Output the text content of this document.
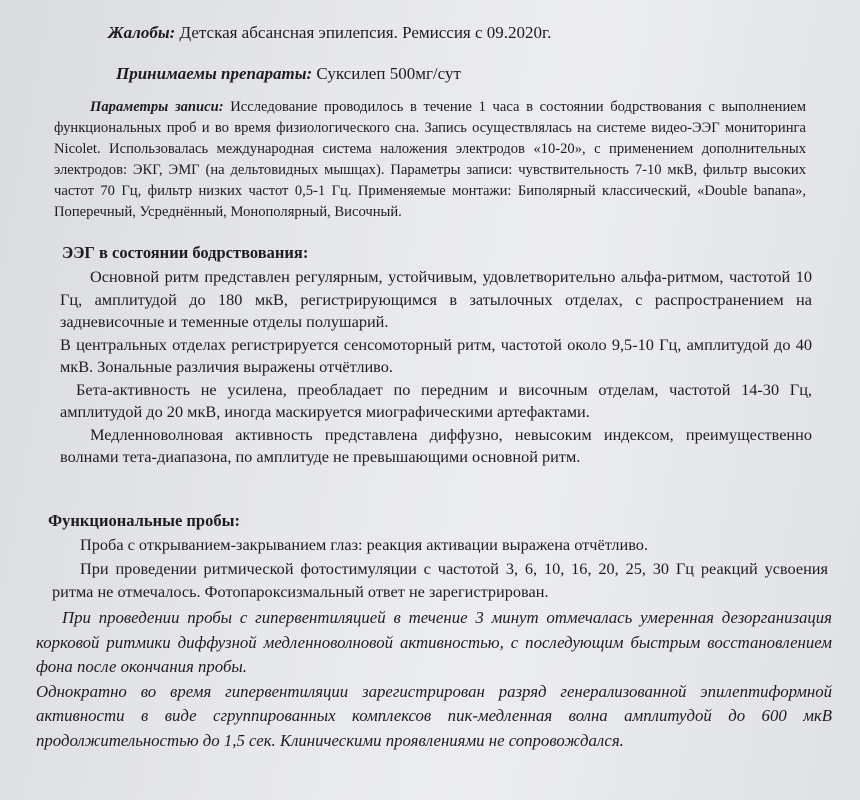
Жалобы: Детская абсансная эпилепсия. Ремиссия с 09.2020г.
Принимаемы препараты: Суксилеп 500мг/сут
Параметры записи: Исследование проводилось в течение 1 часа в состоянии бодрствования с выполнением функциональных проб и во время физиологического сна. Запись осуществлялась на системе видео-ЭЭГ мониторинга Nicolet. Использовалась международная система наложения электродов «10-20», с применением дополнительных электродов: ЭКГ, ЭМГ (на дельтовидных мышцах). Параметры записи: чувствительность 7-10 мкВ, фильтр высоких частот 70 Гц, фильтр низких частот 0,5-1 Гц. Применяемые монтажи: Биполярный классический, «Double banana», Поперечный, Усреднённый, Монополярный, Височный.
ЭЭГ в состоянии бодрствования:

Основной ритм представлен регулярным, устойчивым, удовлетворительно альфа-ритмом, частотой 10 Гц, амплитудой до 180 мкВ, регистрирующимся в затылочных отделах, с распространением на задневисочные и теменные отделы полушарий.

В центральных отделах регистрируется сенсомоторный ритм, частотой около 9,5-10 Гц, амплитудой до 40 мкВ. Зональные различия выражены отчётливо.

Бета-активность не усилена, преобладает по передним и височным отделам, частотой 14-30 Гц, амплитудой до 20 мкВ, иногда маскируется миографическими артефактами.

Медленноволновая активность представлена диффузно, невысоким индексом, преимущественно волнами тета-диапазона, по амплитуде не превышающими основной ритм.

Функциональные пробы:

Проба с открыванием-закрыванием глаз: реакция активации выражена отчётливо.

При проведении ритмической фотостимуляции с частотой 3, 6, 10, 16, 20, 25, 30 Гц реакций усвоения ритма не отмечалось. Фотопароксизмальный ответ не зарегистрирован.

При проведении пробы с гипервентиляцией в течение 3 минут отмечалась умеренная дезорганизация корковой ритмики диффузной медленноволновой активностью, с последующим быстрым восстановлением фона после окончания пробы.

Однократно во время гипервентиляции зарегистрирован разряд генерализованной эпилептиформной активности в виде сгруппированных комплексов пик-медленная волна амплитудой до 600 мкВ продолжительностью до 1,5 сек. Клиническими проявлениями не сопровождался.
